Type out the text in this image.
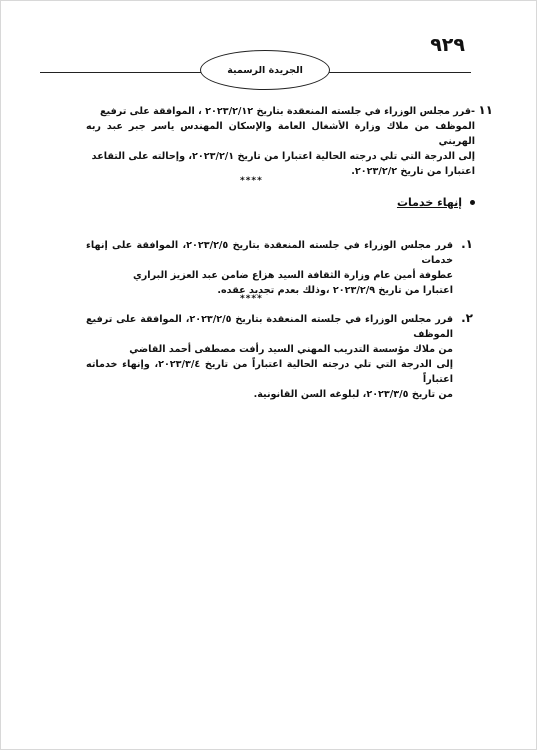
٩٢٩
الجريدة الرسمية
١١

-قرر مجلس الوزراء في جلسته المنعقدة بتاريخ ٢٠٢٣/٢/١٢ ، الموافقة على ترفيع

الموظف من ملاك وزارة الأشغال العامة والإسكان المهندس ياسر جبر عبد ربه الهريني

إلى الدرجة التي تلي درجته الحالية اعتبارا من تاريخ ٢٠٢٣/٢/١، وإحالته على التقاعد

اعتبارا من تاريخ ٢٠٢٣/٢/٢.

****
إنهاء خدمات
١.

قرر مجلس الوزراء في جلسته المنعقدة بتاريخ ٢٠٢٣/٢/٥، الموافقة على إنهاء خدمات

عطوفة أمين عام وزارة الثقافة السيد هزاع ضامن عبد العزيز البراري

اعتبارا من تاريخ ٢٠٢٣/٢/٩ ،وذلك بعدم تجديد عقده.

****
٢.

قرر مجلس الوزراء في جلسته المنعقدة بتاريخ ٢٠٢٣/٢/٥، الموافقة على ترفيع الموظف

من ملاك مؤسسة التدريب المهني السيد رأفت مصطفى أحمد القاضي

إلى الدرجة التي تلي درجته الحالية اعتباراً من تاريخ ٢٠٢٣/٣/٤، وإنهاء خدماته اعتباراً

من تاريخ ٢٠٢٣/٣/٥، لبلوغه السن القانونية.
